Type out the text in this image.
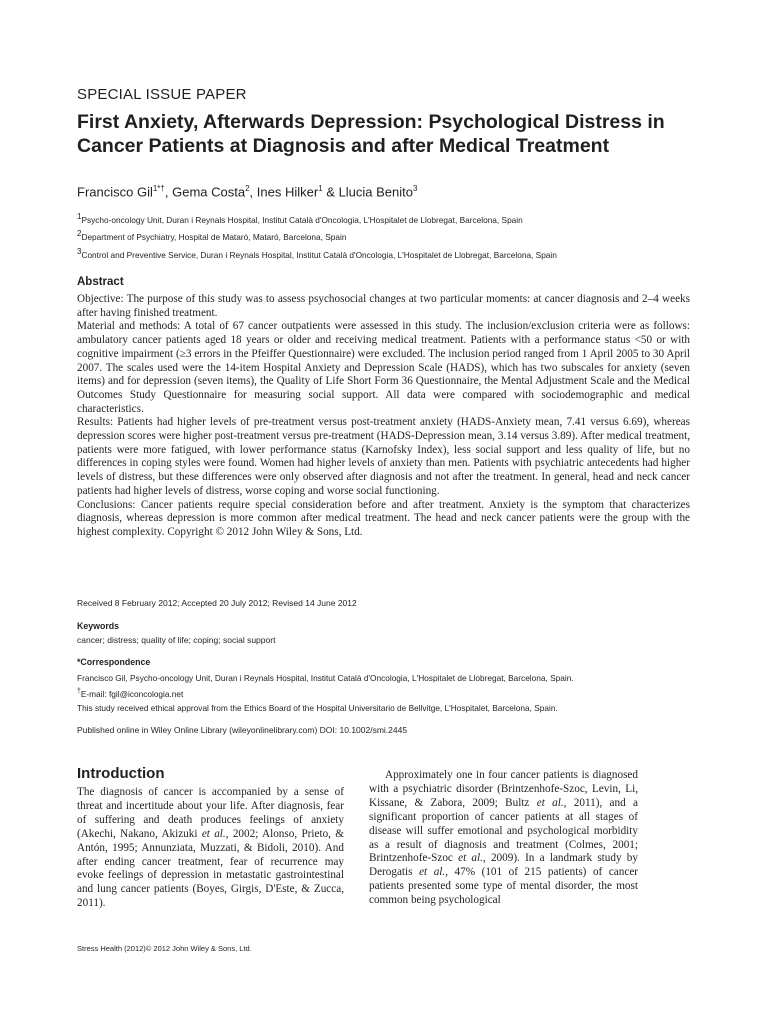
SPECIAL ISSUE PAPER
First Anxiety, Afterwards Depression: Psychological Distress in Cancer Patients at Diagnosis and after Medical Treatment
Francisco Gil$^{1*\dagger}$, Gema Costa$^2$, Ines Hilker$^1$ & Llucia Benito$^3$
$^1$Psycho-oncology Unit, Duran i Reynals Hospital, Institut Català d'Oncologia, L'Hospitalet de Llobregat, Barcelona, Spain
$^2$Department of Psychiatry, Hospital de Mataró, Mataró, Barcelona, Spain
$^3$Control and Preventive Service, Duran i Reynals Hospital, Institut Català d'Oncologia, L'Hospitalet de Llobregat, Barcelona, Spain
Abstract

Objective: The purpose of this study was to assess psychosocial changes at two particular moments: at cancer diagnosis and 2–4 weeks after having finished treatment.

Material and methods: A total of 67 cancer outpatients were assessed in this study. The inclusion/exclusion criteria were as follows: ambulatory cancer patients aged 18 years or older and receiving medical treatment. Patients with a performance status <50 or with cognitive impairment (≥3 errors in the Pfeiffer Questionnaire) were excluded. The inclusion period ranged from 1 April 2005 to 30 April 2007. The scales used were the 14-item Hospital Anxiety and Depression Scale (HADS), which has two subscales for anxiety (seven items) and for depression (seven items), the Quality of Life Short Form 36 Questionnaire, the Mental Adjustment Scale and the Medical Outcomes Study Questionnaire for measuring social support. All data were compared with sociodemographic and medical characteristics.

Results: Patients had higher levels of pre-treatment versus post-treatment anxiety (HADS-Anxiety mean, 7.41 versus 6.69), whereas depression scores were higher post-treatment versus pre-treatment (HADS-Depression mean, 3.14 versus 3.89). After medical treatment, patients were more fatigued, with lower performance status (Karnofsky Index), less social support and less quality of life, but no differences in coping styles were found. Women had higher levels of anxiety than men. Patients with psychiatric antecedents had higher levels of distress, but these differences were only observed after diagnosis and not after the treatment. In general, head and neck cancer patients had higher levels of distress, worse coping and worse social functioning.

Conclusions: Cancer patients require special consideration before and after treatment. Anxiety is the symptom that characterizes diagnosis, whereas depression is more common after medical treatment. The head and neck cancer patients were the group with the highest complexity. Copyright © 2012 John Wiley & Sons, Ltd.

Received 8 February 2012; Accepted 20 July 2012; Revised 14 June 2012
Keywords
cancer; distress; quality of life; coping; social support
*Correspondence
Francisco Gil, Psycho-oncology Unit, Duran i Reynals Hospital, Institut Català d'Oncologia, L'Hospitalet de Llobregat, Barcelona, Spain.
†E-mail: fgil@iconcologia.net
This study received ethical approval from the Ethics Board of the Hospital Universitario de Bellvitge, L'Hospitalet, Barcelona, Spain.
Published online in Wiley Online Library (wileyonlinelibrary.com) DOI: 10.1002/smi.2445
Introduction

The diagnosis of cancer is accompanied by a sense of threat and incertitude about your life. After diagnosis, fear of suffering and death produces feelings of anxiety (Akechi, Nakano, Akizuki et al., 2002; Alonso, Prieto, & Antón, 1995; Annunziata, Muzzati, & Bidoli, 2010). And after ending cancer treatment, fear of recurrence may evoke feelings of depression in metastatic gastrointestinal and lung cancer patients (Boyes, Girgis, D'Este, & Zucca, 2011).

Approximately one in four cancer patients is diagnosed with a psychiatric disorder (Brintzenhofe-Szoc, Levin, Li, Kissane, & Zabora, 2009; Bultz et al., 2011), and a significant proportion of cancer patients at all stages of disease will suffer emotional and psychological morbidity as a result of diagnosis and treatment (Colmes, 2001; Brintzenhofe-Szoc et al., 2009). In a landmark study by Derogatis et al., 47% (101 of 215 patients) of cancer patients presented some type of mental disorder, the most common being psychological

Stress Health (2012)© 2012 John Wiley & Sons, Ltd.
